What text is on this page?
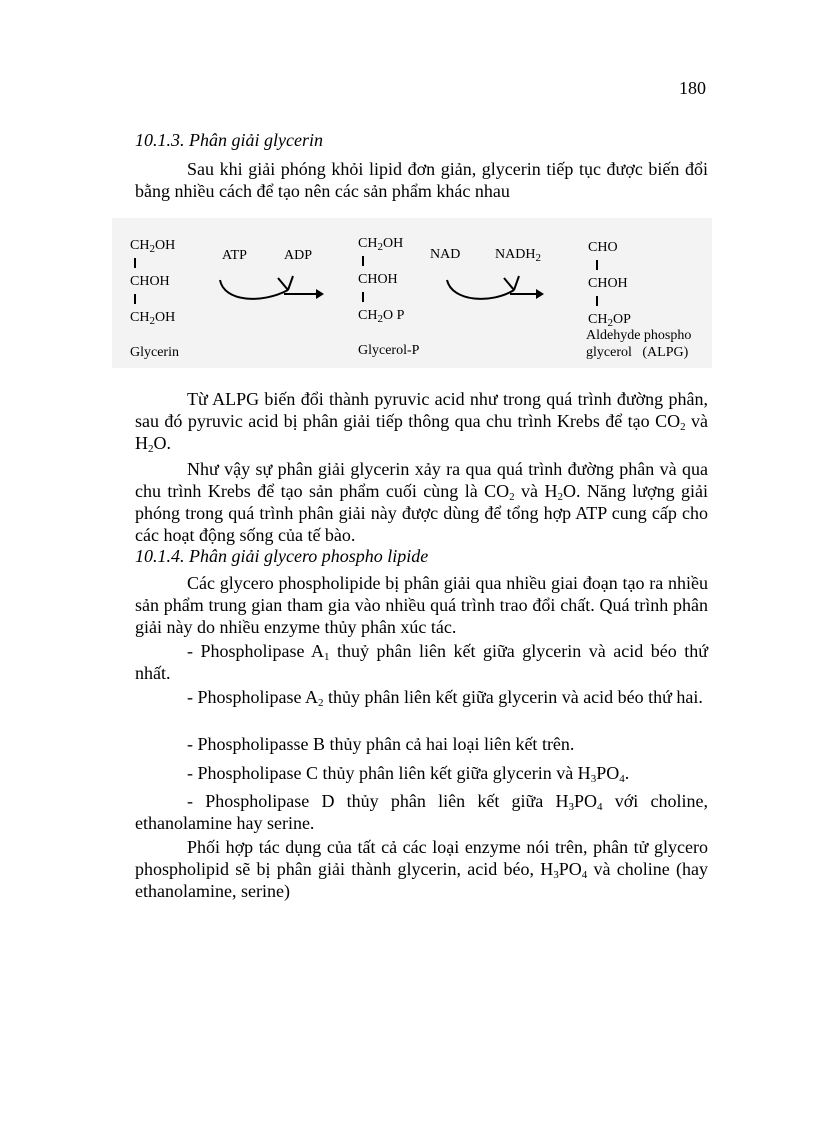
180
10.1.3. Phân giải glycerin

Sau khi giải phóng khỏi lipid đơn giản, glycerin tiếp tục được biến đổi bằng nhiều cách để tạo nên các sản phẩm khác nhau

$CH_2OH$
CHOH
$CH_2OH$
Glycerin
ATP	ADP
$CH_2OH$
CHOH
$CH_2O$ P
Glycerol-P
NAD $NADH_2$
CHO
CHOH
$CH_2OP$
Aldehyde phospho
glycerol   (ALPG)

Từ ALPG biến đổi thành pyruvic acid như trong quá trình đường phân, sau đó pyruvic acid bị phân giải tiếp thông qua chu trình Krebs để tạo $CO_2$ và $H_2O$.

Như vậy sự phân giải glycerin xảy ra qua quá trình đường phân và qua chu trình Krebs để tạo sản phẩm cuối cùng là $CO_2$ và $H_2O$. Năng lượng giải phóng trong quá trình phân giải này được dùng để tổng hợp ATP cung cấp cho các hoạt động sống của tế bào.

10.1.4. Phân giải glycero phospho lipide

Các glycero phospholipide bị phân giải qua nhiều giai đoạn tạo ra nhiều sản phẩm trung gian tham gia vào nhiều quá trình trao đổi chất. Quá trình phân giải này do nhiều enzyme thủy phân xúc tác.

- Phospholipase $A_1$ thuỷ phân liên kết giữa glycerin và acid béo thứ nhất.

- Phospholipase $A_2$ thủy phân liên kết giữa glycerin và acid béo thứ hai.

- Phospholipasse B thủy phân cả hai loại liên kết trên.

- Phospholipase C thủy phân liên kết giữa glycerin và $H_3PO_4$.

- Phospholipase D thủy phân liên kết giữa $H_3PO_4$ với choline, ethanolamine hay serine.

Phối hợp tác dụng của tất cả các loại enzyme nói trên, phân tử glycero phospholipid sẽ bị phân giải thành glycerin, acid béo, $H_3PO_4$ và choline (hay ethanolamine, serine)
